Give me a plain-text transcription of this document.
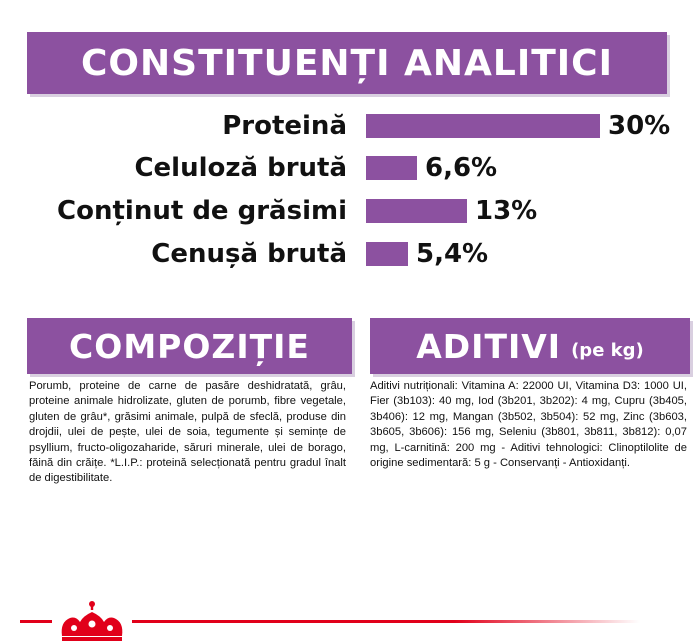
CONSTITUENȚI ANALITICI
Proteină	30%
Celuloză brută	6,6%
Conținut de grăsimi	13%
Cenușă brută	5,4%
COMPOZIȚIE	ADITIVI (pe kg)
Porumb, proteine de carne de pasăre deshidratată, grâu, proteine animale hidrolizate, gluten de porumb, fibre vegetale, gluten de grâu*, grăsimi animale, pulpă de sfeclă, produse din drojdii, ulei de pește, ulei de soia, tegumente și semințe de psyllium, fructo-oligozaharide, săruri minerale, ulei de borago, făină din crăițe. *L.I.P.: proteină selecționată pentru gradul înalt de digestibilitate.
Aditivi nutriționali: Vitamina A: 22000 UI, Vitamina D3: 1000 UI, Fier (3b103): 40 mg, Iod (3b201, 3b202): 4 mg, Cupru (3b405, 3b406): 12 mg, Mangan (3b502, 3b504): 52 mg, Zinc (3b603, 3b605, 3b606): 156 mg, Seleniu (3b801, 3b811, 3b812): 0,07 mg, L-carnitină: 200 mg - Aditivi tehnologici: Clinoptilolite de origine sedimentară: 5 g - Conservanți - Antioxidanți.
